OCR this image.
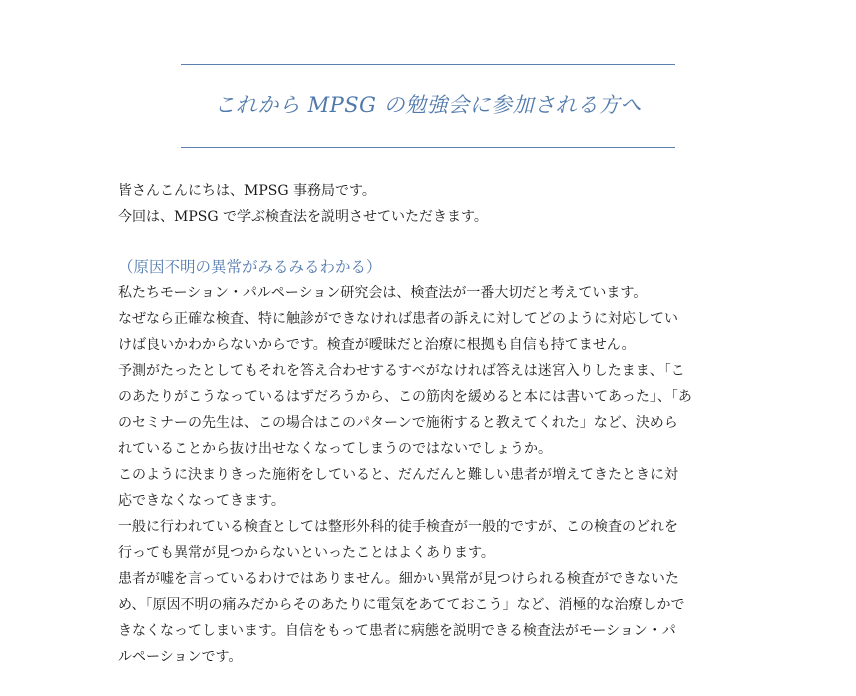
これから MPSG の勉強会に参加される方へ

皆さんこんにちは、MPSG 事務局です。

今回は、MPSG で学ぶ検査法を説明させていただきます。

（原因不明の異常がみるみるわかる）

私たちモーション・パルペーション研究会は、検査法が一番大切だと考えています。

なぜなら正確な検査、特に触診ができなければ患者の訴えに対してどのように対応してい

けば良いかわからないからです。検査が曖昧だと治療に根拠も自信も持てません。

予測がたったとしてもそれを答え合わせするすべがなければ答えは迷宮入りしたまま、「こ

のあたりがこうなっているはずだろうから、この筋肉を緩めると本には書いてあった」、「あ

のセミナーの先生は、この場合はこのパターンで施術すると教えてくれた」など、決めら

れていることから抜け出せなくなってしまうのではないでしょうか。

このように決まりきった施術をしていると、だんだんと難しい患者が増えてきたときに対

応できなくなってきます。

一般に行われている検査としては整形外科的徒手検査が一般的ですが、この検査のどれを

行っても異常が見つからないといったことはよくあります。

患者が嘘を言っているわけではありません。細かい異常が見つけられる検査ができないた

め、「原因不明の痛みだからそのあたりに電気をあてておこう」など、消極的な治療しかで

きなくなってしまいます。自信をもって患者に病態を説明できる検査法がモーション・パ

ルペーションです。
